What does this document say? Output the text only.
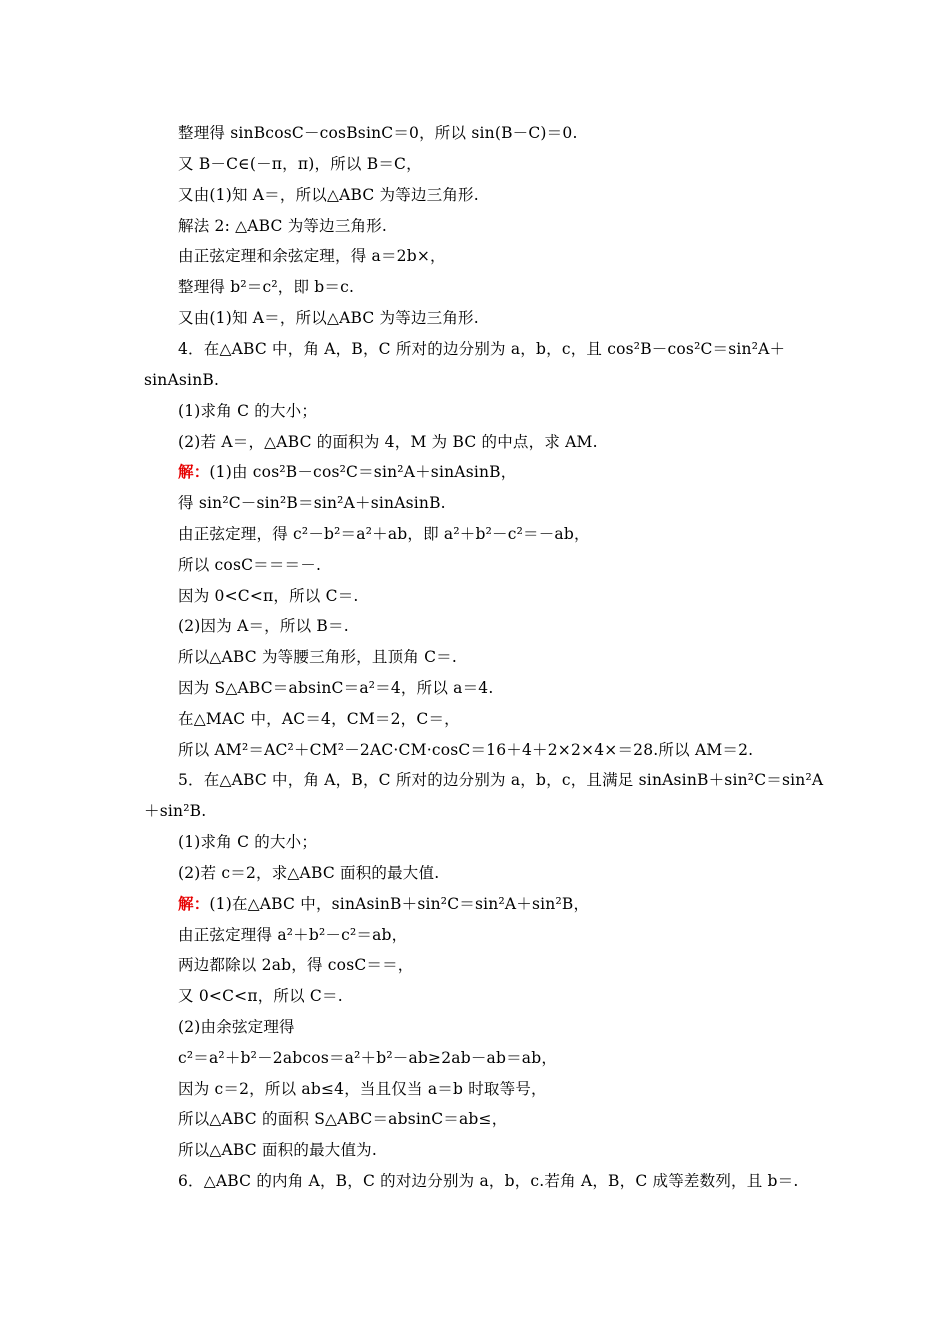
整理得 sinBcosC－cosBsinC＝0，所以 sin(B－C)＝0.
又 B－C∈(－π，π)，所以 B＝C，
又由(1)知 A＝，所以△ABC 为等边三角形.
解法 2: △ABC 为等边三角形.
由正弦定理和余弦定理，得 a＝2b×，
整理得 b²＝c²，即 b＝c.
又由(1)知 A＝，所以△ABC 为等边三角形.
4．在△ABC 中，角 A，B，C 所对的边分别为 a，b，c，且 cos²B－cos²C＝sin²A＋
sinAsinB.
(1)求角 C 的大小；
(2)若 A＝，△ABC 的面积为 4，M 为 BC 的中点，求 AM.
解：(1)由 cos²B－cos²C＝sin²A＋sinAsinB，
得 sin²C－sin²B＝sin²A＋sinAsinB.
由正弦定理，得 c²－b²＝a²＋ab，即 a²＋b²－c²＝－ab，
所以 cosC＝＝＝－.
因为 0<C<π，所以 C＝.
(2)因为 A＝，所以 B＝.
所以△ABC 为等腰三角形，且顶角 C＝.
因为 S△ABC＝absinC＝a²＝4，所以 a＝4.
在△MAC 中，AC＝4，CM＝2，C＝，
所以 AM²＝AC²＋CM²－2AC·CM·cosC＝16＋4＋2×2×4×＝28.所以 AM＝2.
5．在△ABC 中，角 A，B，C 所对的边分别为 a，b，c，且满足 sinAsinB＋sin²C＝sin²A
＋sin²B.
(1)求角 C 的大小；
(2)若 c＝2，求△ABC 面积的最大值.
解：(1)在△ABC 中，sinAsinB＋sin²C＝sin²A＋sin²B，
由正弦定理得 a²＋b²－c²＝ab，
两边都除以 2ab，得 cosC＝＝，
又 0<C<π，所以 C＝.
(2)由余弦定理得
c²＝a²＋b²－2abcos＝a²＋b²－ab≥2ab－ab＝ab，
因为 c＝2，所以 ab≤4，当且仅当 a＝b 时取等号，
所以△ABC 的面积 S△ABC＝absinC＝ab≤，
所以△ABC 面积的最大值为.
6．△ABC 的内角 A，B，C 的对边分别为 a，b，c.若角 A，B，C 成等差数列，且 b＝.
